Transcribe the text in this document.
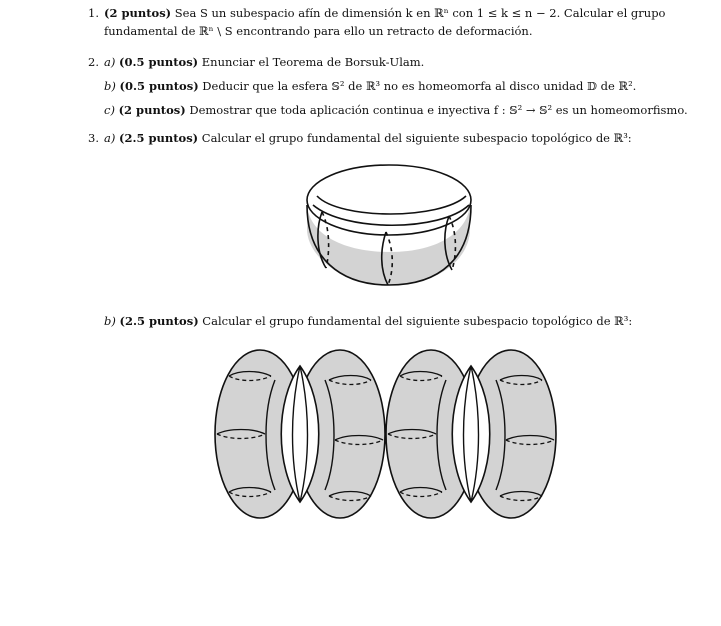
1. (2 puntos) Sea S un subespacio afín de dimensión k en ℝⁿ con 1 ≤ k ≤ n − 2. Calcular el grupo
fundamental de ℝⁿ \ S encontrando para ello un retracto de deformación.
2. a) (0.5 puntos) Enunciar el Teorema de Borsuk-Ulam.
b) (0.5 puntos) Deducir que la esfera 𝕊² de ℝ³ no es homeomorfa al disco unidad 𝔻 de ℝ².
c) (2 puntos) Demostrar que toda aplicación continua e inyectiva f : 𝕊² → 𝕊² es un homeomorfismo.
3. a) (2.5 puntos) Calcular el grupo fundamental del siguiente subespacio topológico de ℝ³:
b) (2.5 puntos) Calcular el grupo fundamental del siguiente subespacio topológico de ℝ³:
